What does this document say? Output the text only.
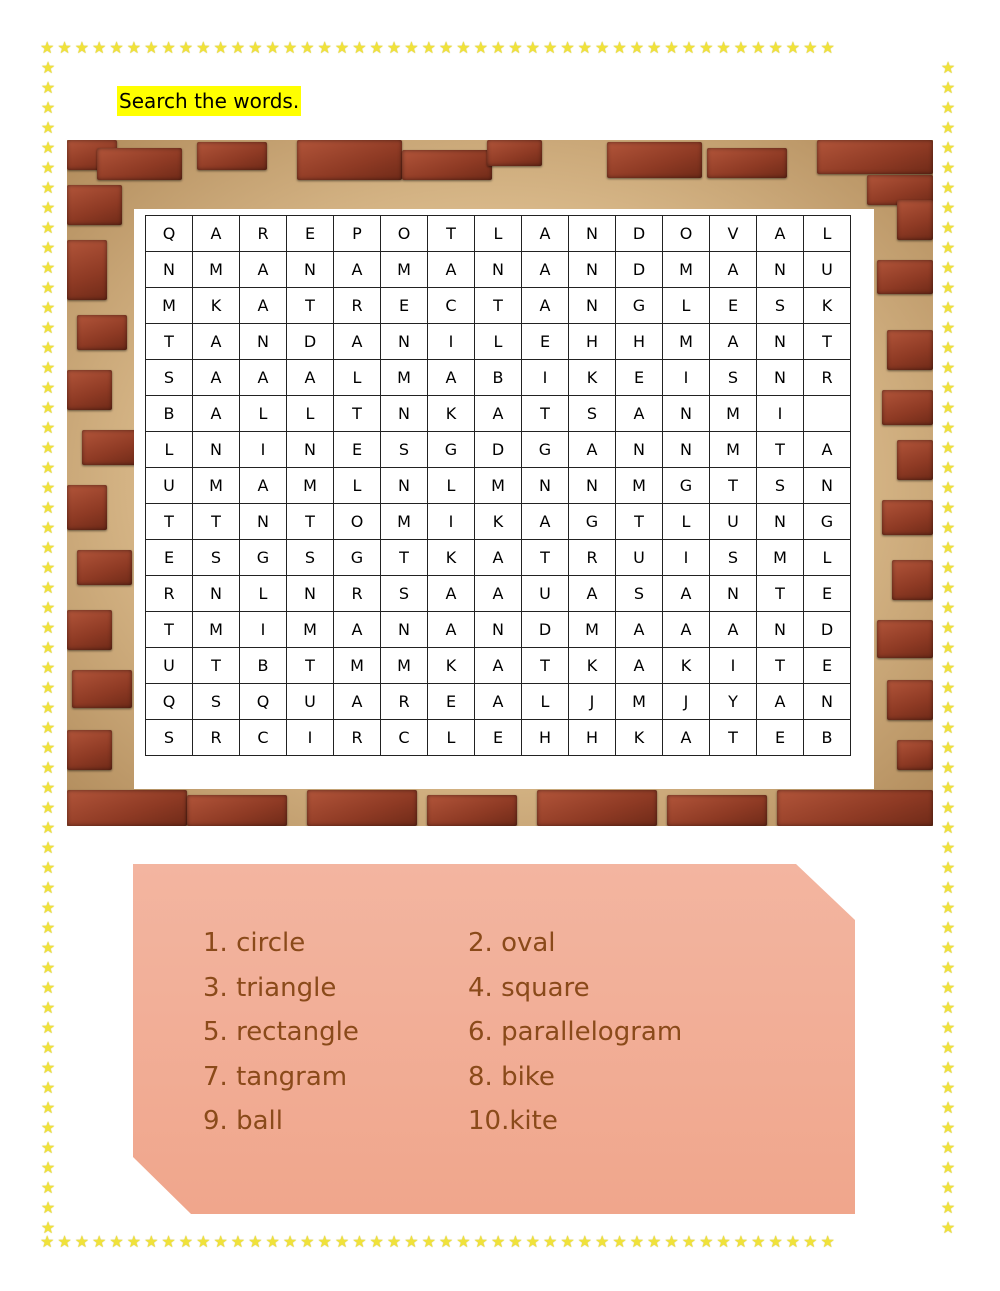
★★★★★★★★★★★★★★★★★★★★★★★★★★★★★★★★★★★★★★★★★★★★★★
★★★★★★★★★★★★★★★★★★★★★★★★★★★★★★★★★★★★★★★★★★★★★★
★
★
★
★
★
★
★
★
★
★
★
★
★
★
★
★
★
★
★
★
★
★
★
★
★
★
★
★
★
★
★
★
★
★
★
★
★
★
★
★
★
★
★
★
★
★
★
★
★
★
★
★
★
★
★
★
★
★
★
★
★
★
★
★
★
★
★
★
★
★
★
★
★
★
★
★
★
★
★
★
★
★
★
★
★
★
★
★
★
★
★
★
★
★
★
★
★
★
★
★
★
★
★
★
★
★
★
★
★
★
★
★
★
★
★
★
★
★
Search the words.
Q	A	R	E	P	O	T	L	A	N	D	O	V	A	L
N	M	A	N	A	M	A	N	A	N	D	M	A	N	U
M	K	A	T	R	E	C	T	A	N	G	L	E	S	K
T	A	N	D	A	N	I	L	E	H	H	M	A	N	T
S	A	A	A	L	M	A	B	I	K	E	I	S	N	R
B	A	L	L	T	N	K	A	T	S	A	N	M	I	
L	N	I	N	E	S	G	D	G	A	N	N	M	T	A
U	M	A	M	L	N	L	M	N	N	M	G	T	S	N
T	T	N	T	O	M	I	K	A	G	T	L	U	N	G
E	S	G	S	G	T	K	A	T	R	U	I	S	M	L
R	N	L	N	R	S	A	A	U	A	S	A	N	T	E
T	M	I	M	A	N	A	N	D	M	A	A	A	N	D
U	T	B	T	M	M	K	A	T	K	A	K	I	T	E
Q	S	Q	U	A	R	E	A	L	J	M	J	Y	A	N
S	R	C	I	R	C	L	E	H	H	K	A	T	E	B
1. circle	2. oval
3. triangle	4. square
5. rectangle	6. parallelogram
7. tangram	8. bike
9. ball	10.kite
